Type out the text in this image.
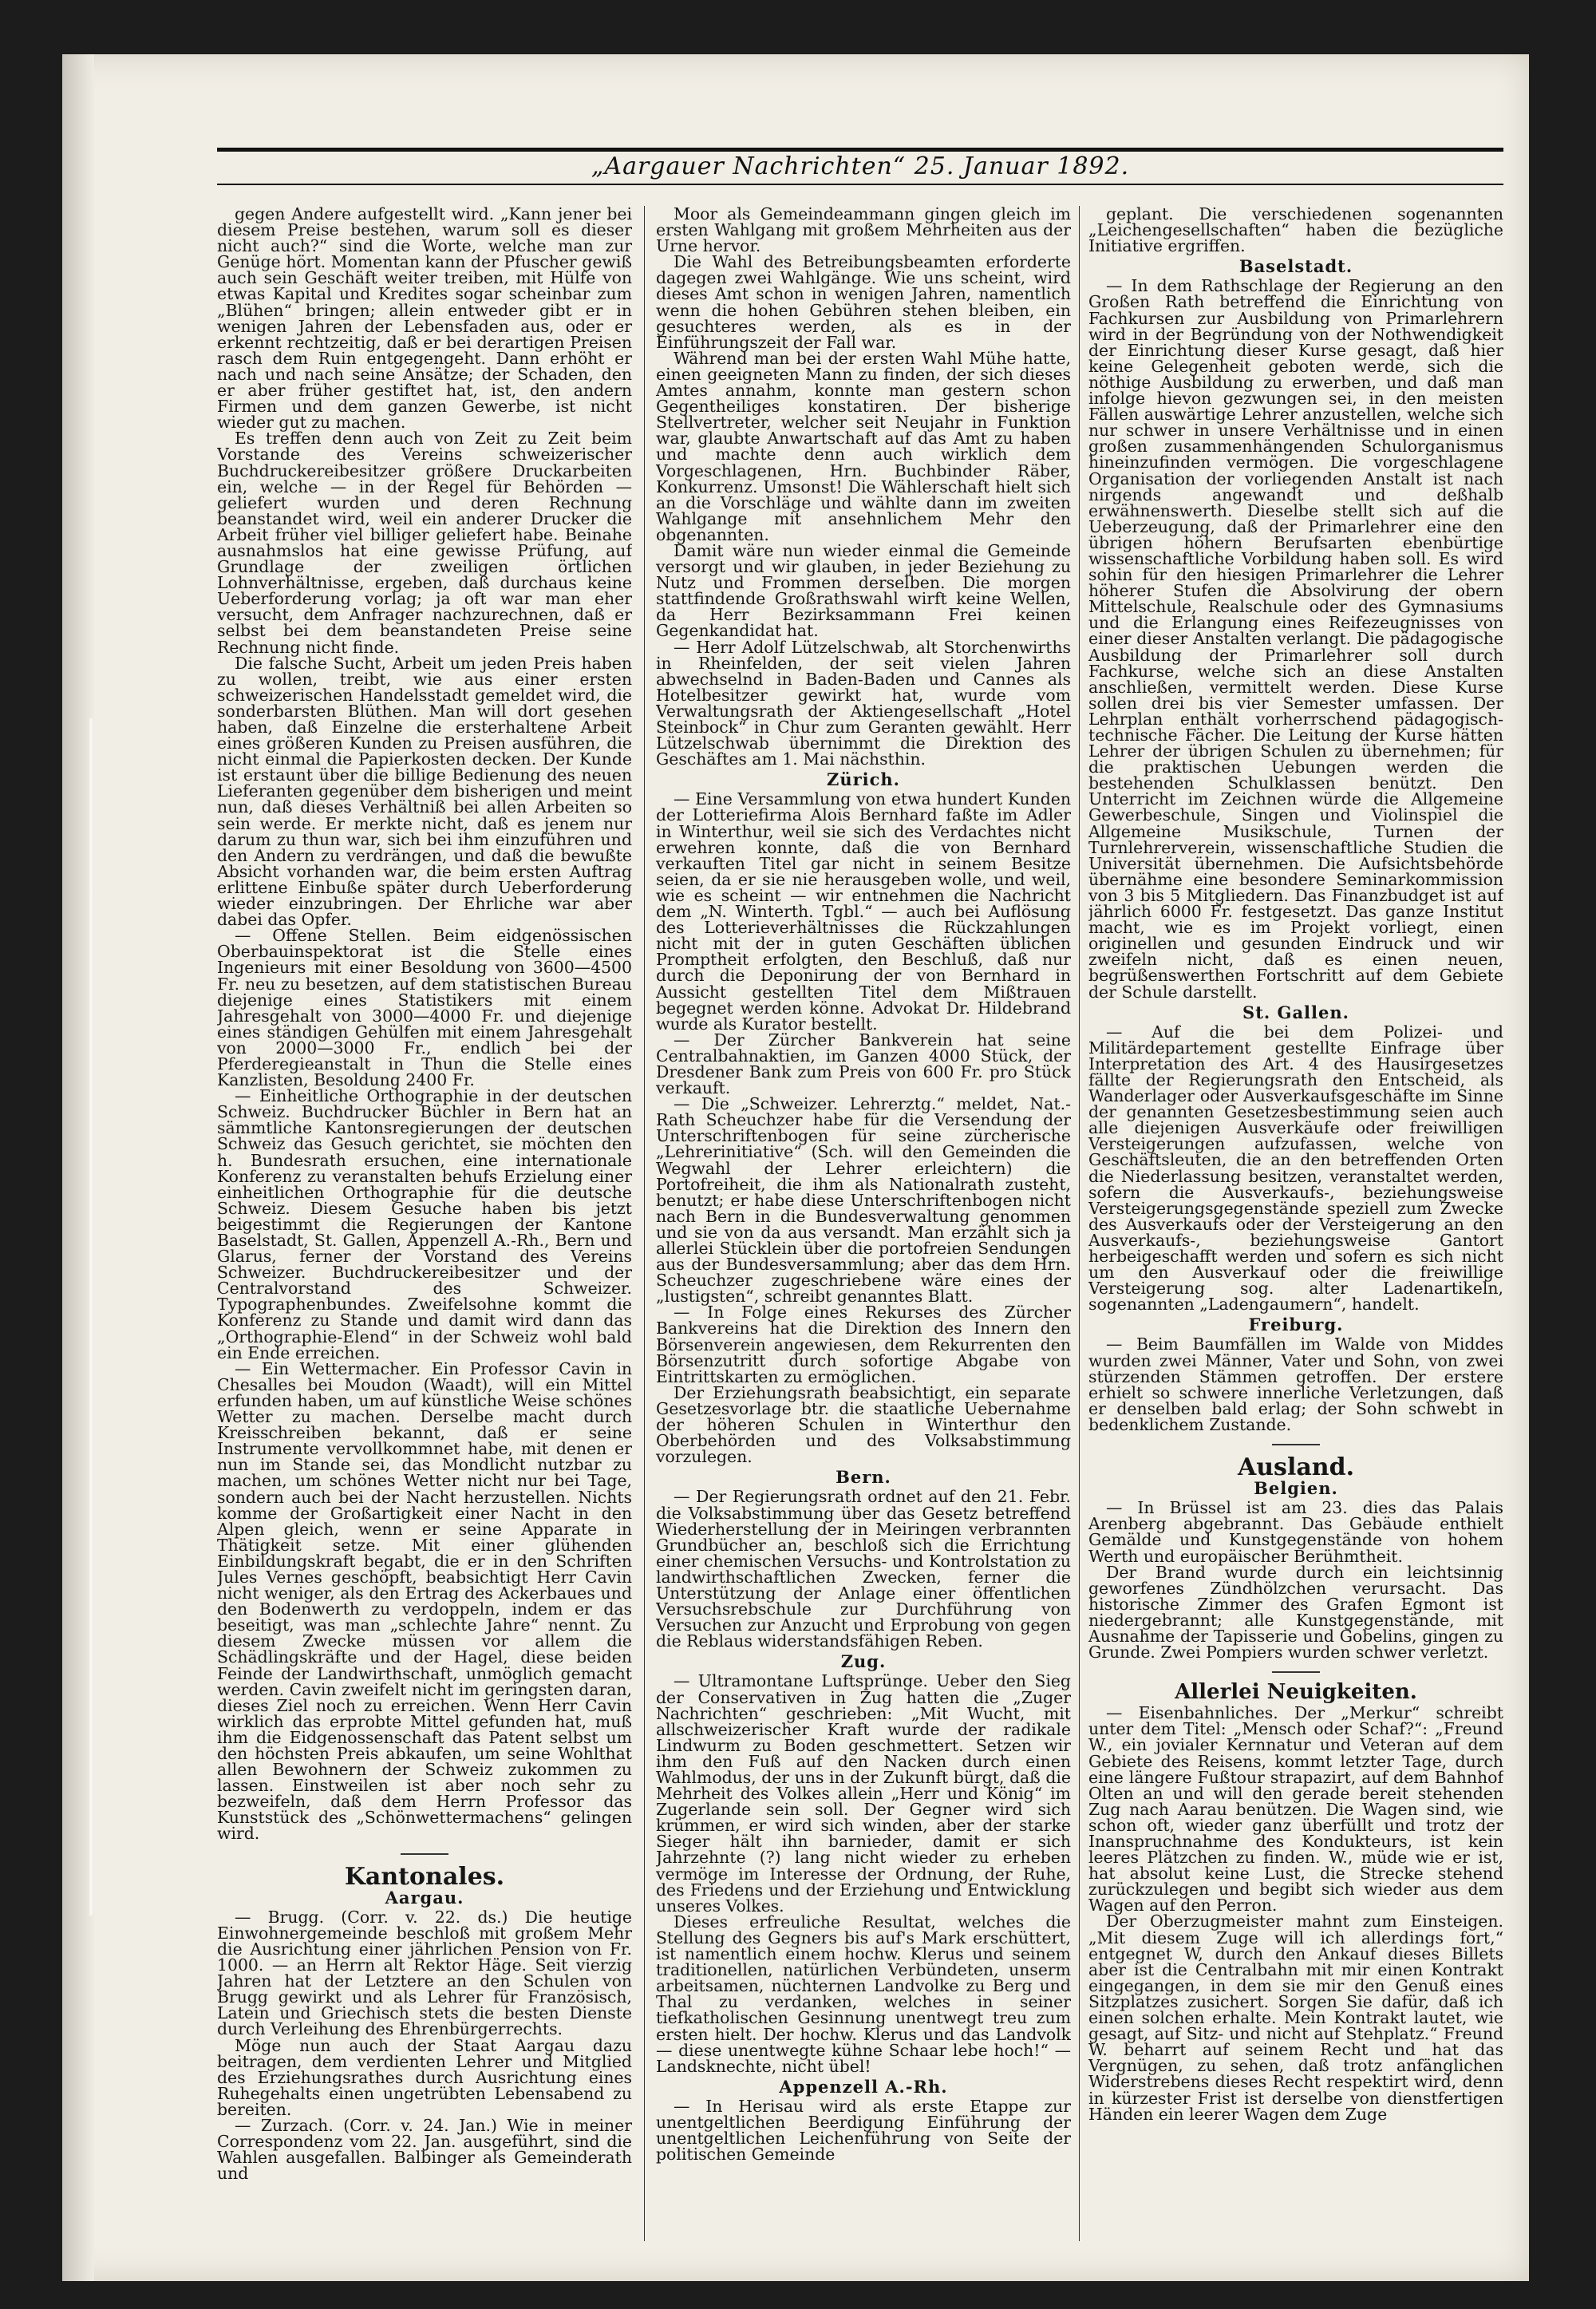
„Aargauer Nachrichten“ 25. Januar 1892.

gegen Andere aufgestellt wird. „Kann jener bei diesem Preise bestehen, warum soll es dieser nicht auch?“ sind die Worte, welche man zur Genüge hört. Momentan kann der Pfuscher gewiß auch sein Geschäft weiter treiben, mit Hülfe von etwas Kapital und Kredites sogar scheinbar zum „Blühen“ bringen; allein entweder gibt er in wenigen Jahren der Lebensfaden aus, oder er erkennt rechtzeitig, daß er bei derartigen Preisen rasch dem Ruin entgegengeht. Dann erhöht er nach und nach seine Ansätze; der Schaden, den er aber früher gestiftet hat, ist, den andern Firmen und dem ganzen Gewerbe, ist nicht wieder gut zu machen.

Es treffen denn auch von Zeit zu Zeit beim Vorstande des Vereins schweizerischer Buchdruckereibesitzer größere Druckarbeiten ein, welche — in der Regel für Behörden — geliefert wurden und deren Rechnung beanstandet wird, weil ein anderer Drucker die Arbeit früher viel billiger geliefert habe. Beinahe ausnahmslos hat eine gewisse Prüfung, auf Grundlage der zweiligen örtlichen Lohnverhältnisse, ergeben, daß durchaus keine Ueberforderung vorlag; ja oft war man eher versucht, dem Anfrager nachzurechnen, daß er selbst bei dem beanstandeten Preise seine Rechnung nicht finde.

Die falsche Sucht, Arbeit um jeden Preis haben zu wollen, treibt, wie aus einer ersten schweizerischen Handelsstadt gemeldet wird, die sonderbarsten Blüthen. Man will dort gesehen haben, daß Einzelne die ersterhaltene Arbeit eines größeren Kunden zu Preisen ausführen, die nicht einmal die Papierkosten decken. Der Kunde ist erstaunt über die billige Bedienung des neuen Lieferanten gegenüber dem bisherigen und meint nun, daß dieses Verhältniß bei allen Arbeiten so sein werde. Er merkte nicht, daß es jenem nur darum zu thun war, sich bei ihm einzuführen und den Andern zu verdrängen, und daß die bewußte Absicht vorhanden war, die beim ersten Auftrag erlittene Einbuße später durch Ueberforderung wieder einzubringen. Der Ehrliche war aber dabei das Opfer.

— Offene Stellen. Beim eidgenössischen Oberbauinspektorat ist die Stelle eines Ingenieurs mit einer Besoldung von 3600—4500 Fr. neu zu besetzen, auf dem statistischen Bureau diejenige eines Statistikers mit einem Jahresgehalt von 3000—4000 Fr. und diejenige eines ständigen Gehülfen mit einem Jahresgehalt von 2000—3000 Fr., endlich bei der Pferderegieanstalt in Thun die Stelle eines Kanzlisten, Besoldung 2400 Fr.

— Einheitliche Orthographie in der deutschen Schweiz. Buchdrucker Büchler in Bern hat an sämmtliche Kantonsregierungen der deutschen Schweiz das Gesuch gerichtet, sie möchten den h. Bundesrath ersuchen, eine internationale Konferenz zu veranstalten behufs Erzielung einer einheitlichen Orthographie für die deutsche Schweiz. Diesem Gesuche haben bis jetzt beigestimmt die Regierungen der Kantone Baselstadt, St. Gallen, Appenzell A.-Rh., Bern und Glarus, ferner der Vorstand des Vereins Schweizer. Buchdruckereibesitzer und der Centralvorstand des Schweizer. Typographenbundes. Zweifelsohne kommt die Konferenz zu Stande und damit wird dann das „Orthographie-Elend“ in der Schweiz wohl bald ein Ende erreichen.

— Ein Wettermacher. Ein Professor Cavin in Chesalles bei Moudon (Waadt), will ein Mittel erfunden haben, um auf künstliche Weise schönes Wetter zu machen. Derselbe macht durch Kreisschreiben bekannt, daß er seine Instrumente vervollkommnet habe, mit denen er nun im Stande sei, das Mondlicht nutzbar zu machen, um schönes Wetter nicht nur bei Tage, sondern auch bei der Nacht herzustellen. Nichts komme der Großartigkeit einer Nacht in den Alpen gleich, wenn er seine Apparate in Thätigkeit setze. Mit einer glühenden Einbildungskraft begabt, die er in den Schriften Jules Vernes geschöpft, beabsichtigt Herr Cavin nicht weniger, als den Ertrag des Ackerbaues und den Bodenwerth zu verdoppeln, indem er das beseitigt, was man „schlechte Jahre“ nennt. Zu diesem Zwecke müssen vor allem die Schädlingskräfte und der Hagel, diese beiden Feinde der Landwirthschaft, unmöglich gemacht werden. Cavin zweifelt nicht im geringsten daran, dieses Ziel noch zu erreichen. Wenn Herr Cavin wirklich das erprobte Mittel gefunden hat, muß ihm die Eidgenossenschaft das Patent selbst um den höchsten Preis abkaufen, um seine Wohlthat allen Bewohnern der Schweiz zukommen zu lassen. Einstweilen ist aber noch sehr zu bezweifeln, daß dem Herrn Professor das Kunststück des „Schönwettermachens“ gelingen wird.

Kantonales.
Aargau.

— Brugg. (Corr. v. 22. ds.) Die heutige Einwohnergemeinde beschloß mit großem Mehr die Ausrichtung einer jährlichen Pension von Fr. 1000. — an Herrn alt Rektor Häge. Seit vierzig Jahren hat der Letztere an den Schulen von Brugg gewirkt und als Lehrer für Französisch, Latein und Griechisch stets die besten Dienste durch Verleihung des Ehrenbürgerrechts.

Möge nun auch der Staat Aargau dazu beitragen, dem verdienten Lehrer und Mitglied des Erziehungsrathes durch Ausrichtung eines Ruhegehalts einen ungetrübten Lebensabend zu bereiten.

— Zurzach. (Corr. v. 24. Jan.) Wie in meiner Correspondenz vom 22. Jan. ausgeführt, sind die Wahlen ausgefallen. Balbinger als Gemeinderath und

Moor als Gemeindeammann gingen gleich im ersten Wahlgang mit großem Mehrheiten aus der Urne hervor.

Die Wahl des Betreibungsbeamten erforderte dagegen zwei Wahlgänge. Wie uns scheint, wird dieses Amt schon in wenigen Jahren, namentlich wenn die hohen Gebühren stehen bleiben, ein gesuchteres werden, als es in der Einführungszeit der Fall war.

Während man bei der ersten Wahl Mühe hatte, einen geeigneten Mann zu finden, der sich dieses Amtes annahm, konnte man gestern schon Gegentheiliges konstatiren. Der bisherige Stellvertreter, welcher seit Neujahr in Funktion war, glaubte Anwartschaft auf das Amt zu haben und machte denn auch wirklich dem Vorgeschlagenen, Hrn. Buchbinder Räber, Konkurrenz. Umsonst! Die Wählerschaft hielt sich an die Vorschläge und wählte dann im zweiten Wahlgange mit ansehnlichem Mehr den obgenannten.

Damit wäre nun wieder einmal die Gemeinde versorgt und wir glauben, in jeder Beziehung zu Nutz und Frommen derselben. Die morgen stattfindende Großrathswahl wirft keine Wellen, da Herr Bezirksammann Frei keinen Gegenkandidat hat.

— Herr Adolf Lützelschwab, alt Storchenwirths in Rheinfelden, der seit vielen Jahren abwechselnd in Baden-Baden und Cannes als Hotelbesitzer gewirkt hat, wurde vom Verwaltungsrath der Aktiengesellschaft „Hotel Steinbock“ in Chur zum Geranten gewählt. Herr Lützelschwab übernimmt die Direktion des Geschäftes am 1. Mai nächsthin.

Zürich.

— Eine Versammlung von etwa hundert Kunden der Lotteriefirma Alois Bernhard faßte im Adler in Winterthur, weil sie sich des Verdachtes nicht erwehren konnte, daß die von Bernhard verkauften Titel gar nicht in seinem Besitze seien, da er sie nie herausgeben wolle, und weil, wie es scheint — wir entnehmen die Nachricht dem „N. Winterth. Tgbl.“ — auch bei Auflösung des Lotterieverhältnisses die Rückzahlungen nicht mit der in guten Geschäften üblichen Promptheit erfolgten, den Beschluß, daß nur durch die Deponirung der von Bernhard in Aussicht gestellten Titel dem Mißtrauen begegnet werden könne. Advokat Dr. Hildebrand wurde als Kurator bestellt.

— Der Zürcher Bankverein hat seine Centralbahnaktien, im Ganzen 4000 Stück, der Dresdener Bank zum Preis von 600 Fr. pro Stück verkauft.

— Die „Schweizer. Lehrerztg.“ meldet, Nat.-Rath Scheuchzer habe für die Versendung der Unterschriftenbogen für seine zürcherische „Lehrerinitiative“ (Sch. will den Gemeinden die Wegwahl der Lehrer erleichtern) die Portofreiheit, die ihm als Nationalrath zusteht, benutzt; er habe diese Unterschriftenbogen nicht nach Bern in die Bundesverwaltung genommen und sie von da aus versandt. Man erzählt sich ja allerlei Stücklein über die portofreien Sendungen aus der Bundesversammlung; aber das dem Hrn. Scheuchzer zugeschriebene wäre eines der „lustigsten“, schreibt genanntes Blatt.

— In Folge eines Rekurses des Zürcher Bankvereins hat die Direktion des Innern den Börsenverein angewiesen, dem Rekurrenten den Börsenzutritt durch sofortige Abgabe von Eintrittskarten zu ermöglichen.

Der Erziehungsrath beabsichtigt, ein separate Gesetzesvorlage btr. die staatliche Uebernahme der höheren Schulen in Winterthur den Oberbehörden und des Volksabstimmung vorzulegen.

Bern.

— Der Regierungsrath ordnet auf den 21. Febr. die Volksabstimmung über das Gesetz betreffend Wiederherstellung der in Meiringen verbrannten Grundbücher an, beschloß sich die Errichtung einer chemischen Versuchs- und Kontrolstation zu landwirthschaftlichen Zwecken, ferner die Unterstützung der Anlage einer öffentlichen Versuchsrebschule zur Durchführung von Versuchen zur Anzucht und Erprobung von gegen die Reblaus widerstandsfähigen Reben.

Zug.

— Ultramontane Luftsprünge. Ueber den Sieg der Conservativen in Zug hatten die „Zuger Nachrichten“ geschrieben: „Mit Wucht, mit allschweizerischer Kraft wurde der radikale Lindwurm zu Boden geschmettert. Setzen wir ihm den Fuß auf den Nacken durch einen Wahlmodus, der uns in der Zukunft bürgt, daß die Mehrheit des Volkes allein „Herr und König“ im Zugerlande sein soll. Der Gegner wird sich krümmen, er wird sich winden, aber der starke Sieger hält ihn barnieder, damit er sich Jahrzehnte (?) lang nicht wieder zu erheben vermöge im Interesse der Ordnung, der Ruhe, des Friedens und der Erziehung und Entwicklung unseres Volkes.

Dieses erfreuliche Resultat, welches die Stellung des Gegners bis auf's Mark erschüttert, ist namentlich einem hochw. Klerus und seinem traditionellen, natürlichen Verbündeten, unserm arbeitsamen, nüchternen Landvolke zu Berg und Thal zu verdanken, welches in seiner tiefkatholischen Gesinnung unentwegt treu zum ersten hielt. Der hochw. Klerus und das Landvolk — diese unentwegte kühne Schaar lebe hoch!“ — Landsknechte, nicht übel!

Appenzell A.-Rh.

— In Herisau wird als erste Etappe zur unentgeltlichen Beerdigung Einführung der unentgeltlichen Leichenführung von Seite der politischen Gemeinde

geplant. Die verschiedenen sogenannten „Leichengesellschaften“ haben die bezügliche Initiative ergriffen.

Baselstadt.

— In dem Rathschlage der Regierung an den Großen Rath betreffend die Einrichtung von Fachkursen zur Ausbildung von Primarlehrern wird in der Begründung von der Nothwendigkeit der Einrichtung dieser Kurse gesagt, daß hier keine Gelegenheit geboten werde, sich die nöthige Ausbildung zu erwerben, und daß man infolge hievon gezwungen sei, in den meisten Fällen auswärtige Lehrer anzustellen, welche sich nur schwer in unsere Verhältnisse und in einen großen zusammenhängenden Schulorganismus hineinzufinden vermögen. Die vorgeschlagene Organisation der vorliegenden Anstalt ist nach nirgends angewandt und deßhalb erwähnenswerth. Dieselbe stellt sich auf die Ueberzeugung, daß der Primarlehrer eine den übrigen höhern Berufsarten ebenbürtige wissenschaftliche Vorbildung haben soll. Es wird sohin für den hiesigen Primarlehrer die Lehrer höherer Stufen die Absolvirung der obern Mittelschule, Realschule oder des Gymnasiums und die Erlangung eines Reifezeugnisses von einer dieser Anstalten verlangt. Die pädagogische Ausbildung der Primarlehrer soll durch Fachkurse, welche sich an diese Anstalten anschließen, vermittelt werden. Diese Kurse sollen drei bis vier Semester umfassen. Der Lehrplan enthält vorherrschend pädagogisch-technische Fächer. Die Leitung der Kurse hätten Lehrer der übrigen Schulen zu übernehmen; für die praktischen Uebungen werden die bestehenden Schulklassen benützt. Den Unterricht im Zeichnen würde die Allgemeine Gewerbeschule, Singen und Violinspiel die Allgemeine Musikschule, Turnen der Turnlehrerverein, wissenschaftliche Studien die Universität übernehmen. Die Aufsichtsbehörde übernähme eine besondere Seminarkommission von 3 bis 5 Mitgliedern. Das Finanzbudget ist auf jährlich 6000 Fr. festgesetzt. Das ganze Institut macht, wie es im Projekt vorliegt, einen originellen und gesunden Eindruck und wir zweifeln nicht, daß es einen neuen, begrüßenswerthen Fortschritt auf dem Gebiete der Schule darstellt.

St. Gallen.

— Auf die bei dem Polizei- und Militärdepartement gestellte Einfrage über Interpretation des Art. 4 des Hausirgesetzes fällte der Regierungsrath den Entscheid, als Wanderlager oder Ausverkaufsgeschäfte im Sinne der genannten Gesetzesbestimmung seien auch alle diejenigen Ausverkäufe oder freiwilligen Versteigerungen aufzufassen, welche von Geschäftsleuten, die an den betreffenden Orten die Niederlassung besitzen, veranstaltet werden, sofern die Ausverkaufs-, beziehungsweise Versteigerungsgegenstände speziell zum Zwecke des Ausverkaufs oder der Versteigerung an den Ausverkaufs-, beziehungsweise Gantort herbeigeschafft werden und sofern es sich nicht um den Ausverkauf oder die freiwillige Versteigerung sog. alter Ladenartikeln, sogenannten „Ladengaumern“, handelt.

Freiburg.

— Beim Baumfällen im Walde von Middes wurden zwei Männer, Vater und Sohn, von zwei stürzenden Stämmen getroffen. Der erstere erhielt so schwere innerliche Verletzungen, daß er denselben bald erlag; der Sohn schwebt in bedenklichem Zustande.

Ausland.
Belgien.

— In Brüssel ist am 23. dies das Palais Arenberg abgebrannt. Das Gebäude enthielt Gemälde und Kunstgegenstände von hohem Werth und europäischer Berühmtheit.

Der Brand wurde durch ein leichtsinnig geworfenes Zündhölzchen verursacht. Das historische Zimmer des Grafen Egmont ist niedergebrannt; alle Kunstgegenstände, mit Ausnahme der Tapisserie und Gobelins, gingen zu Grunde. Zwei Pompiers wurden schwer verletzt.

Allerlei Neuigkeiten.

— Eisenbahnliches. Der „Merkur“ schreibt unter dem Titel: „Mensch oder Schaf?“: „Freund W., ein jovialer Kernnatur und Veteran auf dem Gebiete des Reisens, kommt letzter Tage, durch eine längere Fußtour strapazirt, auf dem Bahnhof Olten an und will den gerade bereit stehenden Zug nach Aarau benützen. Die Wagen sind, wie schon oft, wieder ganz überfüllt und trotz der Inanspruchnahme des Kondukteurs, ist kein leeres Plätzchen zu finden. W., müde wie er ist, hat absolut keine Lust, die Strecke stehend zurückzulegen und begibt sich wieder aus dem Wagen auf den Perron.

Der Oberzugmeister mahnt zum Einsteigen. „Mit diesem Zuge will ich allerdings fort,“ entgegnet W, durch den Ankauf dieses Billets aber ist die Centralbahn mit mir einen Kontrakt eingegangen, in dem sie mir den Genuß eines Sitzplatzes zusichert. Sorgen Sie dafür, daß ich einen solchen erhalte. Mein Kontrakt lautet, wie gesagt, auf Sitz- und nicht auf Stehplatz.“ Freund W. beharrt auf seinem Recht und hat das Vergnügen, zu sehen, daß trotz anfänglichen Widerstrebens dieses Recht respektirt wird, denn in kürzester Frist ist derselbe von dienstfertigen Händen ein leerer Wagen dem Zuge
